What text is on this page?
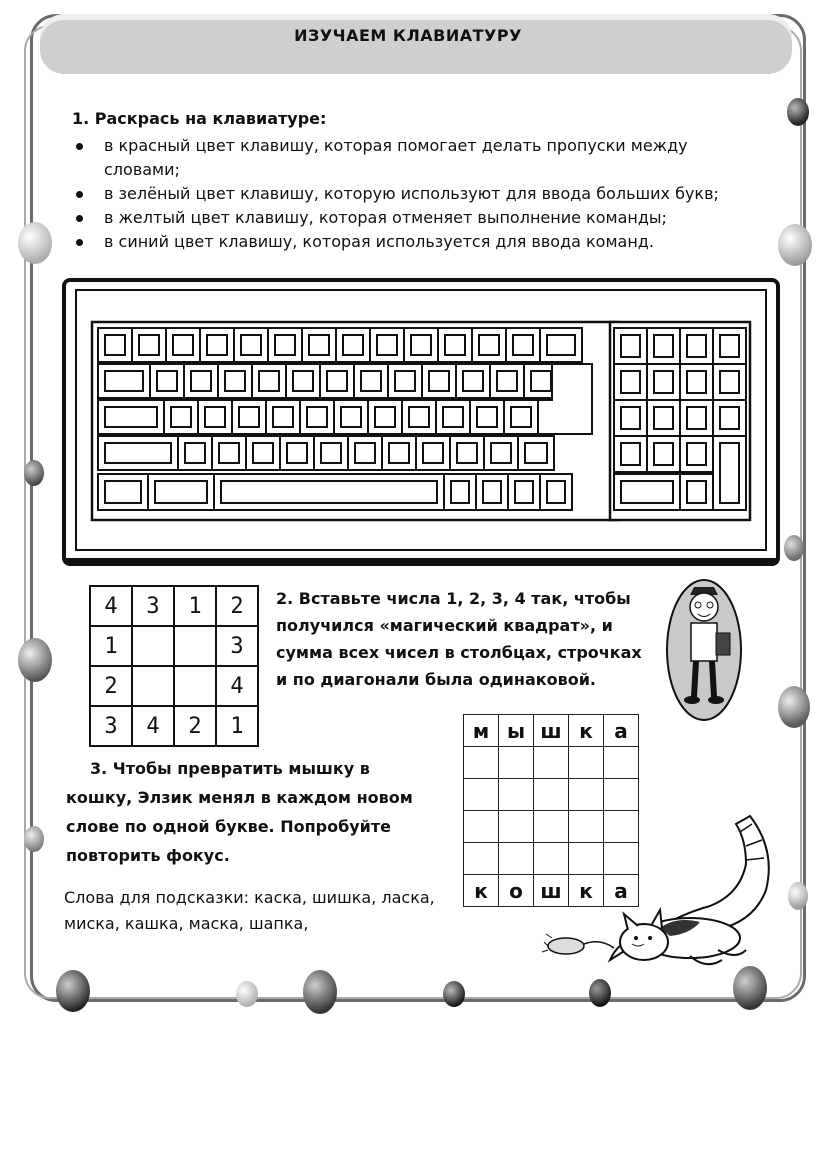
ИЗУЧАЕМ КЛАВИАТУРУ
1. Раскрась на клавиатуре:
в красный цвет клавишу, которая помогает делать пропуски между словами;
в зелёный цвет клавишу, которую используют для ввода больших букв;
в желтый цвет клавишу, которая отменяет выполнение команды;
в синий цвет клавишу, которая используется для ввода команд.
4	3	1	2
1			3
2			4
3	4	2	1
2. Вставьте числа 1, 2, 3, 4 так, чтобы получился «магический квадрат», и сумма всех чисел в столбцах, строчках и по диагонали была одинаковой.
3. Чтобы превратить мышку в кошку, Элзик менял в каждом новом слове по одной букве. Попробуйте повторить фокус.
Слова для подсказки: каска, шишка, ласка, миска, кашка, маска, шапка,
м	ы	ш	к	а

к	о	ш	к	а
